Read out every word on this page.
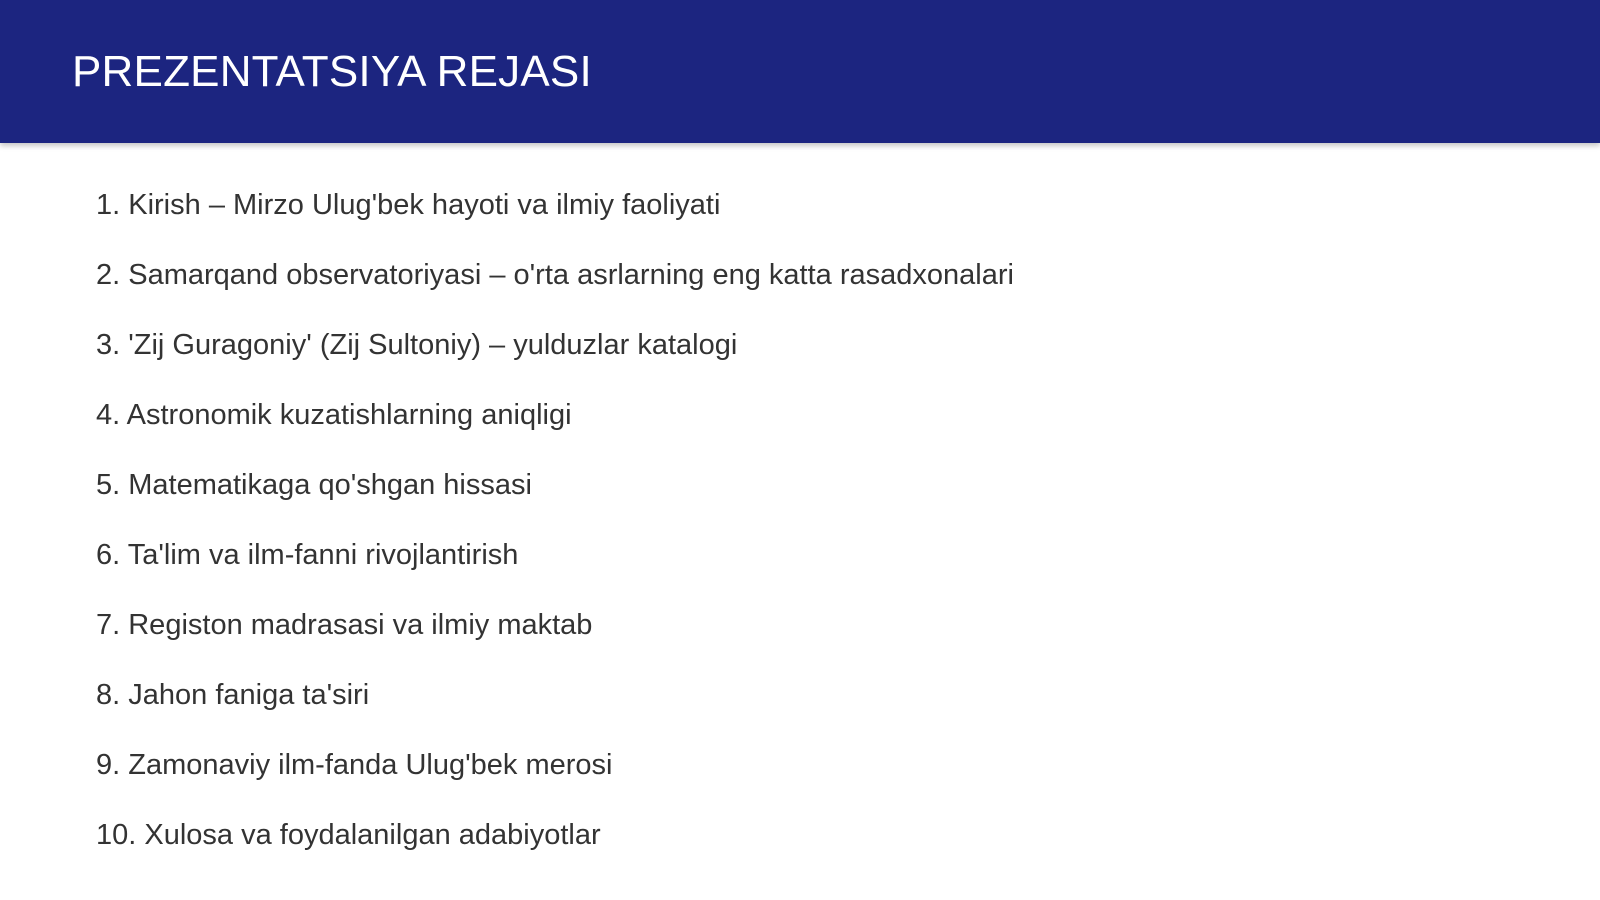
PREZENTATSIYA REJASI
1. Kirish – Mirzo Ulug'bek hayoti va ilmiy faoliyati
2. Samarqand observatoriyasi – o'rta asrlarning eng katta rasadxonalari
3. 'Zij Guragoniy' (Zij Sultoniy) – yulduzlar katalogi
4. Astronomik kuzatishlarning aniqligi
5. Matematikaga qo'shgan hissasi
6. Ta'lim va ilm-fanni rivojlantirish
7. Registon madrasasi va ilmiy maktab
8. Jahon faniga ta'siri
9. Zamonaviy ilm-fanda Ulug'bek merosi
10. Xulosa va foydalanilgan adabiyotlar
